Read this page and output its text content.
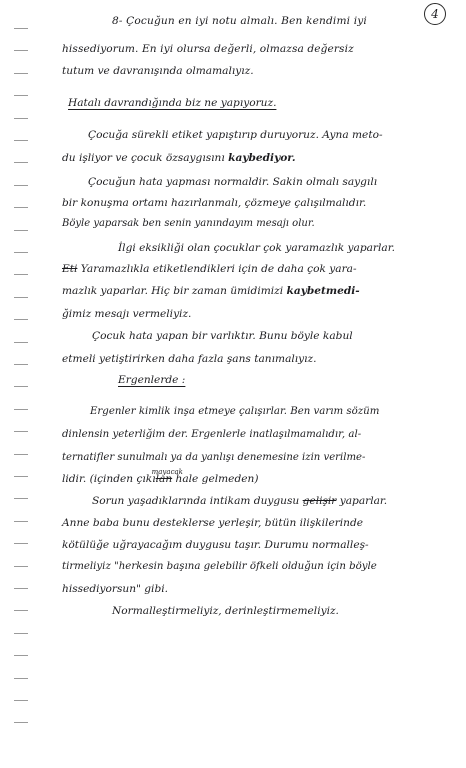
4
8- Çocuğun en iyi notu almalı. Ben kendimi iyi
hissediyorum. En iyi olursa değerli, olmazsa değersiz
tutum ve davranışında olmamalıyız.
Hatalı davrandığında biz ne yapıyoruz.
Çocuğa sürekli etiket yapıştırıp duruyoruz. Ayna meto-
du işliyor ve çocuk özsaygısını kaybediyor.
Çocuğun hata yapması normaldir. Sakin olmalı saygılı
bir konuşma ortamı hazırlanmalı, çözmeye çalışılmalıdır.
Böyle yaparsak ben senin yanındayım mesajı olur.
İlgi eksikliği olan çocuklar çok yaramazlık yaparlar.
Eti Yaramazlıkla etiketlendikleri için de daha çok yara-
mazlık yaparlar. Hiç bir zaman ümidimizi kaybetmedi-
ğimiz mesajı vermeliyiz.
Çocuk hata yapan bir varlıktır. Bunu böyle kabul
etmeli yetiştirirken daha fazla şans tanımalıyız.
Ergenlerde :
Ergenler kimlik inşa etmeye çalışırlar. Ben varım sözüm
dinlensin yeterliğim der. Ergenlerle inatlaşılmamalıdır, al-
ternatifler sunulmalı ya da yanlışı denemesine izin verilme-
lidir. (içinden çıkılan
mayacak
hale gelmeden)
Sorun yaşadıklarında intikam duygusu gelişir yaparlar.
Anne baba bunu desteklerse yerleşir, bütün ilişkilerinde
kötülüğe uğrayacağım duygusu taşır. Durumu normalleş-
tirmeliyiz "herkesin başına gelebilir öfkeli olduğun için böyle
hissediyorsun" gibi.
Normalleştirmeliyiz, derinleştirmemeliyiz.
